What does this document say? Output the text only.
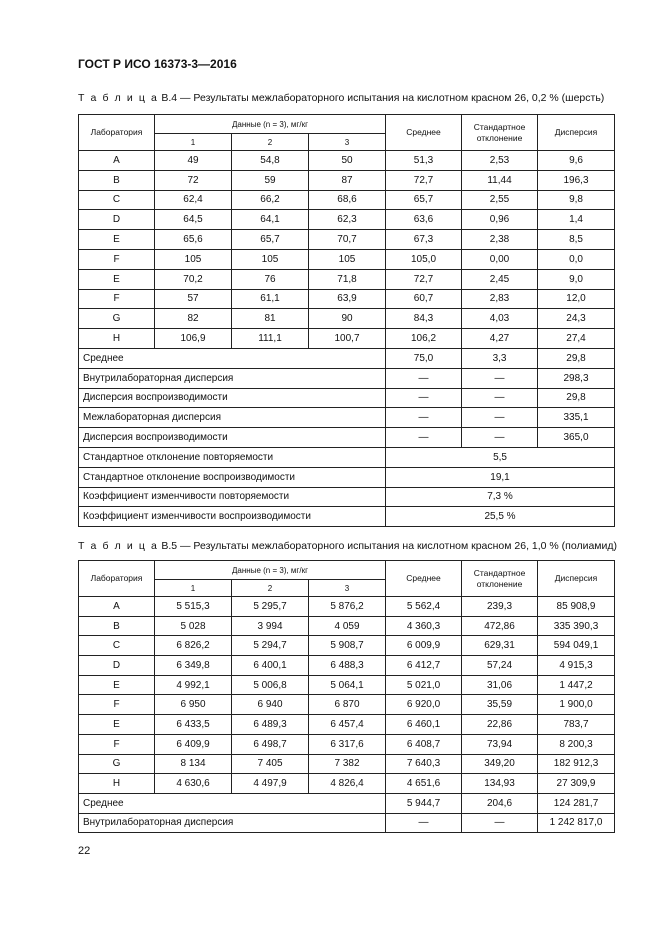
ГОСТ Р ИСО 16373-3—2016
Т а б л и ц а В.4 — Результаты межлабораторного испытания на кислотном красном 26, 0,2 % (шерсть)
Лаборатория	Данные (n = 3), мг/кг			Среднее	Стандартное отклонение	Дисперсия
	1	2	3			
A	49	54,8	50	51,3	2,53	9,6
B	72	59	87	72,7	11,44	196,3
C	62,4	66,2	68,6	65,7	2,55	9,8
D	64,5	64,1	62,3	63,6	0,96	1,4
E	65,6	65,7	70,7	67,3	2,38	8,5
F	105	105	105	105,0	0,00	0,0
E	70,2	76	71,8	72,7	2,45	9,0
F	57	61,1	63,9	60,7	2,83	12,0
G	82	81	90	84,3	4,03	24,3
H	106,9	111,1	100,7	106,2	4,27	27,4
Среднее				75,0	3,3	29,8
Внутрилабораторная дисперсия				—	—	298,3
Дисперсия воспроизводимости				—	—	29,8
Межлабораторная дисперсия				—	—	335,1
Дисперсия воспроизводимости				—	—	365,0
Стандартное отклонение повторяемости				5,5		
Стандартное отклонение воспроизводимости				19,1		
Коэффициент изменчивости повторяемости				7,3 %		
Коэффициент изменчивости воспроизводимости				25,5 %		
Т а б л и ц а В.5 — Результаты межлабораторного испытания на кислотном красном 26, 1,0 % (полиамид)
Лаборатория	Данные (n = 3), мг/кг			Среднее	Стандартное отклонение	Дисперсия
	1	2	3			
A	5 515,3	5 295,7	5 876,2	5 562,4	239,3	85 908,9
B	5 028	3 994	4 059	4 360,3	472,86	335 390,3
C	6 826,2	5 294,7	5 908,7	6 009,9	629,31	594 049,1
D	6 349,8	6 400,1	6 488,3	6 412,7	57,24	4 915,3
E	4 992,1	5 006,8	5 064,1	5 021,0	31,06	1 447,2
F	6 950	6 940	6 870	6 920,0	35,59	1 900,0
E	6 433,5	6 489,3	6 457,4	6 460,1	22,86	783,7
F	6 409,9	6 498,7	6 317,6	6 408,7	73,94	8 200,3
G	8 134	7 405	7 382	7 640,3	349,20	182 912,3
H	4 630,6	4 497,9	4 826,4	4 651,6	134,93	27 309,9
Среднее				5 944,7	204,6	124 281,7
Внутрилабораторная дисперсия				—	—	1 242 817,0
22
